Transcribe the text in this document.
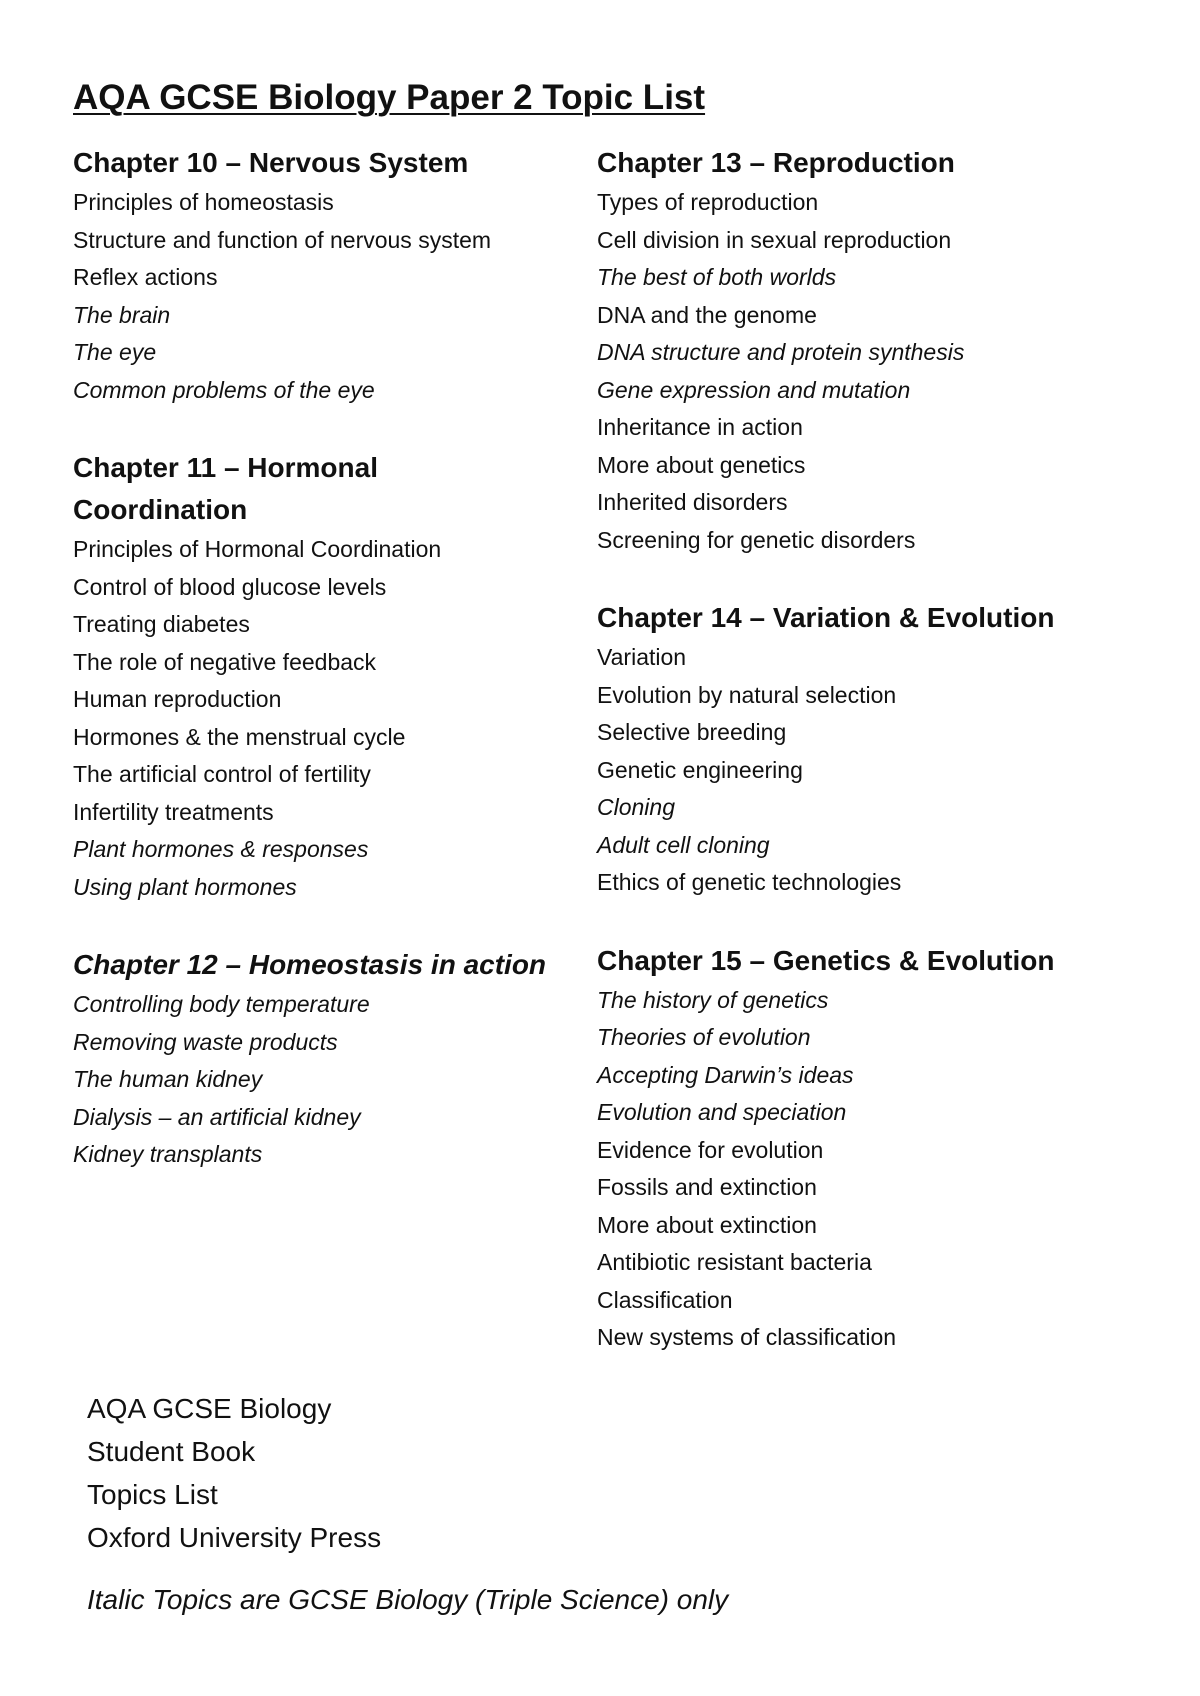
AQA GCSE Biology Paper 2 Topic List
Chapter 10 – Nervous System
Principles of homeostasis
Structure and function of nervous system
Reflex actions
The brain
The eye
Common problems of the eye
Chapter 11 – Hormonal Coordination
Principles of Hormonal Coordination
Control of blood glucose levels
Treating diabetes
The role of negative feedback
Human reproduction
Hormones & the menstrual cycle
The artificial control of fertility
Infertility treatments
Plant hormones & responses
Using plant hormones
Chapter 12 – Homeostasis in action
Controlling body temperature
Removing waste products
The human kidney
Dialysis – an artificial kidney
Kidney transplants
Chapter 13 – Reproduction
Types of reproduction
Cell division in sexual reproduction
The best of both worlds
DNA and the genome
DNA structure and protein synthesis
Gene expression and mutation
Inheritance in action
More about genetics
Inherited disorders
Screening for genetic disorders
Chapter 14 – Variation & Evolution
Variation
Evolution by natural selection
Selective breeding
Genetic engineering
Cloning
Adult cell cloning
Ethics of genetic technologies
Chapter 15 – Genetics & Evolution
The history of genetics
Theories of evolution
Accepting Darwin’s ideas
Evolution and speciation
Evidence for evolution
Fossils and extinction
More about extinction
Antibiotic resistant bacteria
Classification
New systems of classification

AQA GCSE Biology

Student Book

Topics List

Oxford University Press

Italic Topics are GCSE Biology (Triple Science) only
